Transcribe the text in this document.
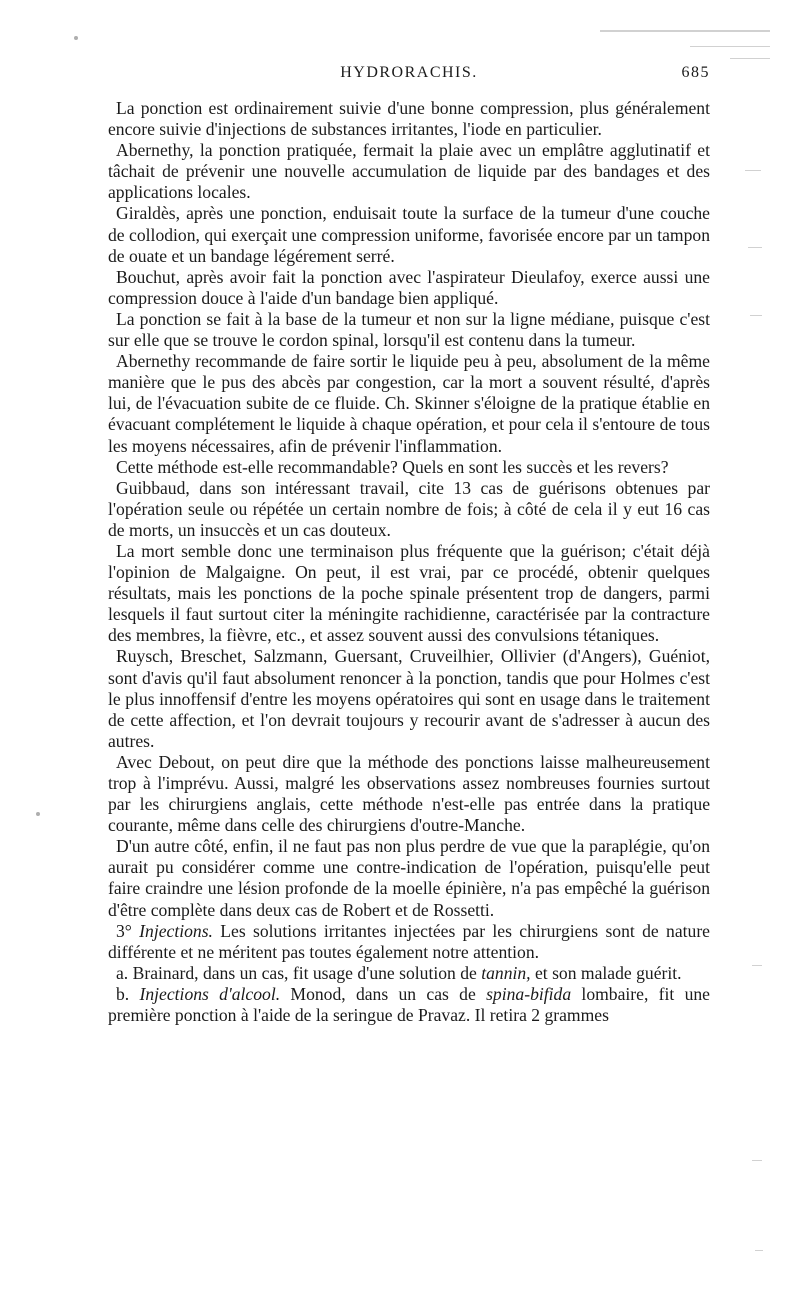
HYDRORACHIS.	685

La ponction est ordinairement suivie d'une bonne compression, plus généralement encore suivie d'injections de substances irritantes, l'iode en particulier.

Abernethy, la ponction pratiquée, fermait la plaie avec un emplâtre agglutinatif et tâchait de prévenir une nouvelle accumulation de liquide par des bandages et des applications locales.

Giraldès, après une ponction, enduisait toute la surface de la tumeur d'une couche de collodion, qui exerçait une compression uniforme, favorisée encore par un tampon de ouate et un bandage légérement serré.

Bouchut, après avoir fait la ponction avec l'aspirateur Dieulafoy, exerce aussi une compression douce à l'aide d'un bandage bien appliqué.

La ponction se fait à la base de la tumeur et non sur la ligne médiane, puisque c'est sur elle que se trouve le cordon spinal, lorsqu'il est contenu dans la tumeur.

Abernethy recommande de faire sortir le liquide peu à peu, absolument de la même manière que le pus des abcès par congestion, car la mort a souvent résulté, d'après lui, de l'évacuation subite de ce fluide. Ch. Skinner s'éloigne de la pratique établie en évacuant complétement le liquide à chaque opération, et pour cela il s'entoure de tous les moyens nécessaires, afin de prévenir l'inflammation.

Cette méthode est-elle recommandable? Quels en sont les succès et les revers?

Guibbaud, dans son intéressant travail, cite 13 cas de guérisons obtenues par l'opération seule ou répétée un certain nombre de fois; à côté de cela il y eut 16 cas de morts, un insuccès et un cas douteux.

La mort semble donc une terminaison plus fréquente que la guérison; c'était déjà l'opinion de Malgaigne. On peut, il est vrai, par ce procédé, obtenir quelques résultats, mais les ponctions de la poche spinale présentent trop de dangers, parmi lesquels il faut surtout citer la méningite rachidienne, caractérisée par la contracture des membres, la fièvre, etc., et assez souvent aussi des convulsions tétaniques.

Ruysch, Breschet, Salzmann, Guersant, Cruveilhier, Ollivier (d'Angers), Guéniot, sont d'avis qu'il faut absolument renoncer à la ponction, tandis que pour Holmes c'est le plus innoffensif d'entre les moyens opératoires qui sont en usage dans le traitement de cette affection, et l'on devrait toujours y recourir avant de s'adresser à aucun des autres.

Avec Debout, on peut dire que la méthode des ponctions laisse malheureusement trop à l'imprévu. Aussi, malgré les observations assez nombreuses fournies surtout par les chirurgiens anglais, cette méthode n'est-elle pas entrée dans la pratique courante, même dans celle des chirurgiens d'outre-Manche.

D'un autre côté, enfin, il ne faut pas non plus perdre de vue que la paraplégie, qu'on aurait pu considérer comme une contre-indication de l'opération, puisqu'elle peut faire craindre une lésion profonde de la moelle épinière, n'a pas empêché la guérison d'être complète dans deux cas de Robert et de Rossetti.

3° Injections. Les solutions irritantes injectées par les chirurgiens sont de nature différente et ne méritent pas toutes également notre attention.

a. Brainard, dans un cas, fit usage d'une solution de tannin, et son malade guérit.

b. Injections d'alcool. Monod, dans un cas de spina-bifida lombaire, fit une première ponction à l'aide de la seringue de Pravaz. Il retira 2 grammes
